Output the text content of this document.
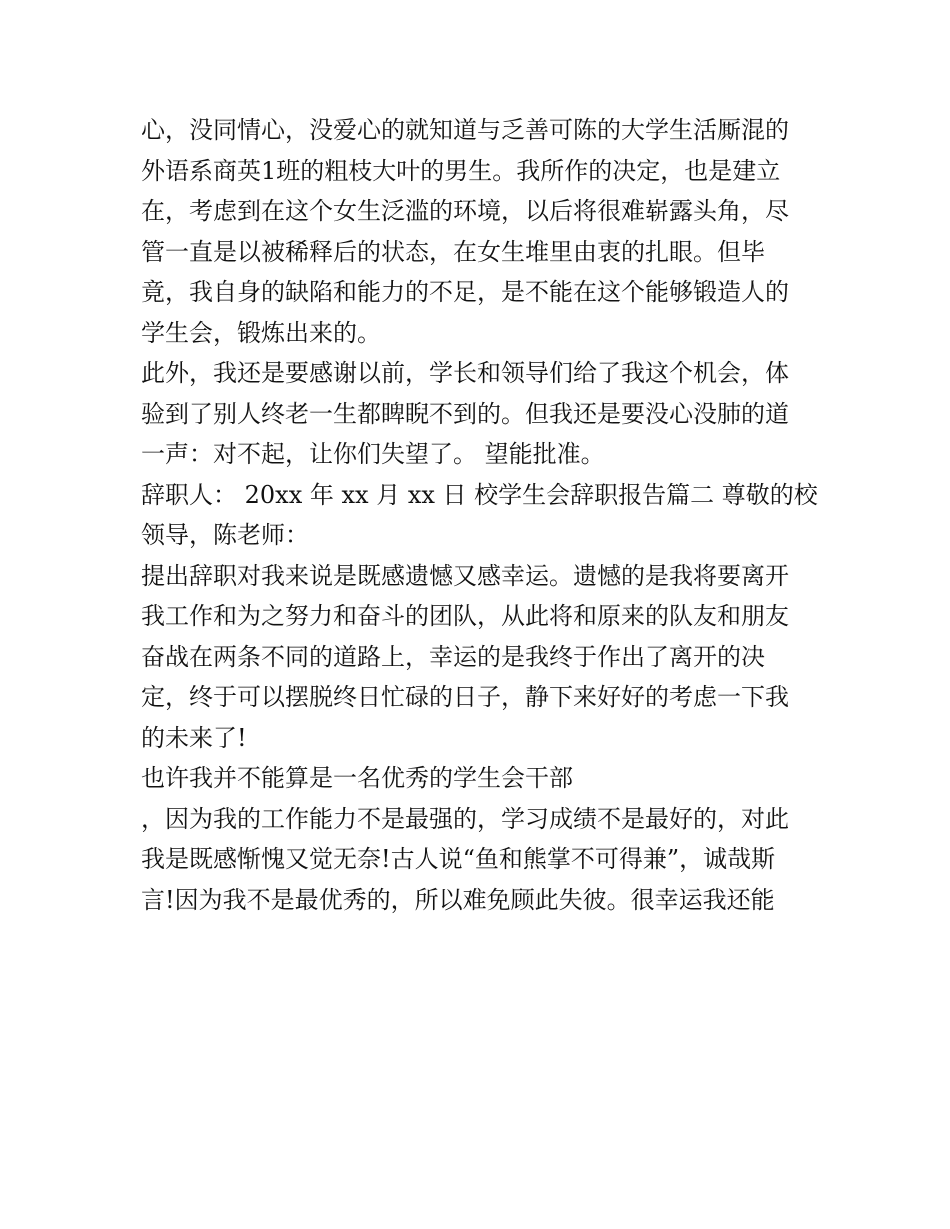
心，没同情心，没爱心的就知道与乏善可陈的大学生活厮混的
外语系商英1班的粗枝大叶的男生。我所作的决定，也是建立
在，考虑到在这个女生泛滥的环境，以后将很难崭露头角，尽
管一直是以被稀释后的状态，在女生堆里由衷的扎眼。但毕
竟，我自身的缺陷和能力的不足，是不能在这个能够锻造人的
学生会，锻炼出来的。
此外，我还是要感谢以前，学长和领导们给了我这个机会，体
验到了别人终老一生都睥睨不到的。但我还是要没心没肺的道
一声：对不起，让你们失望了。 望能批准。
辞职人： 20xx 年 xx 月 xx 日 校学生会辞职报告篇二 尊敬的校
领导，陈老师：
提出辞职对我来说是既感遗憾又感幸运。遗憾的是我将要离开
我工作和为之努力和奋斗的团队，从此将和原来的队友和朋友
奋战在两条不同的道路上，幸运的是我终于作出了离开的决
定，终于可以摆脱终日忙碌的日子，静下来好好的考虑一下我
的未来了!
也许我并不能算是一名优秀的学生会干部
，因为我的工作能力不是最强的，学习成绩不是最好的，对此
我是既感惭愧又觉无奈!古人说“鱼和熊掌不可得兼”，诚哉斯
言!因为我不是最优秀的，所以难免顾此失彼。很幸运我还能
